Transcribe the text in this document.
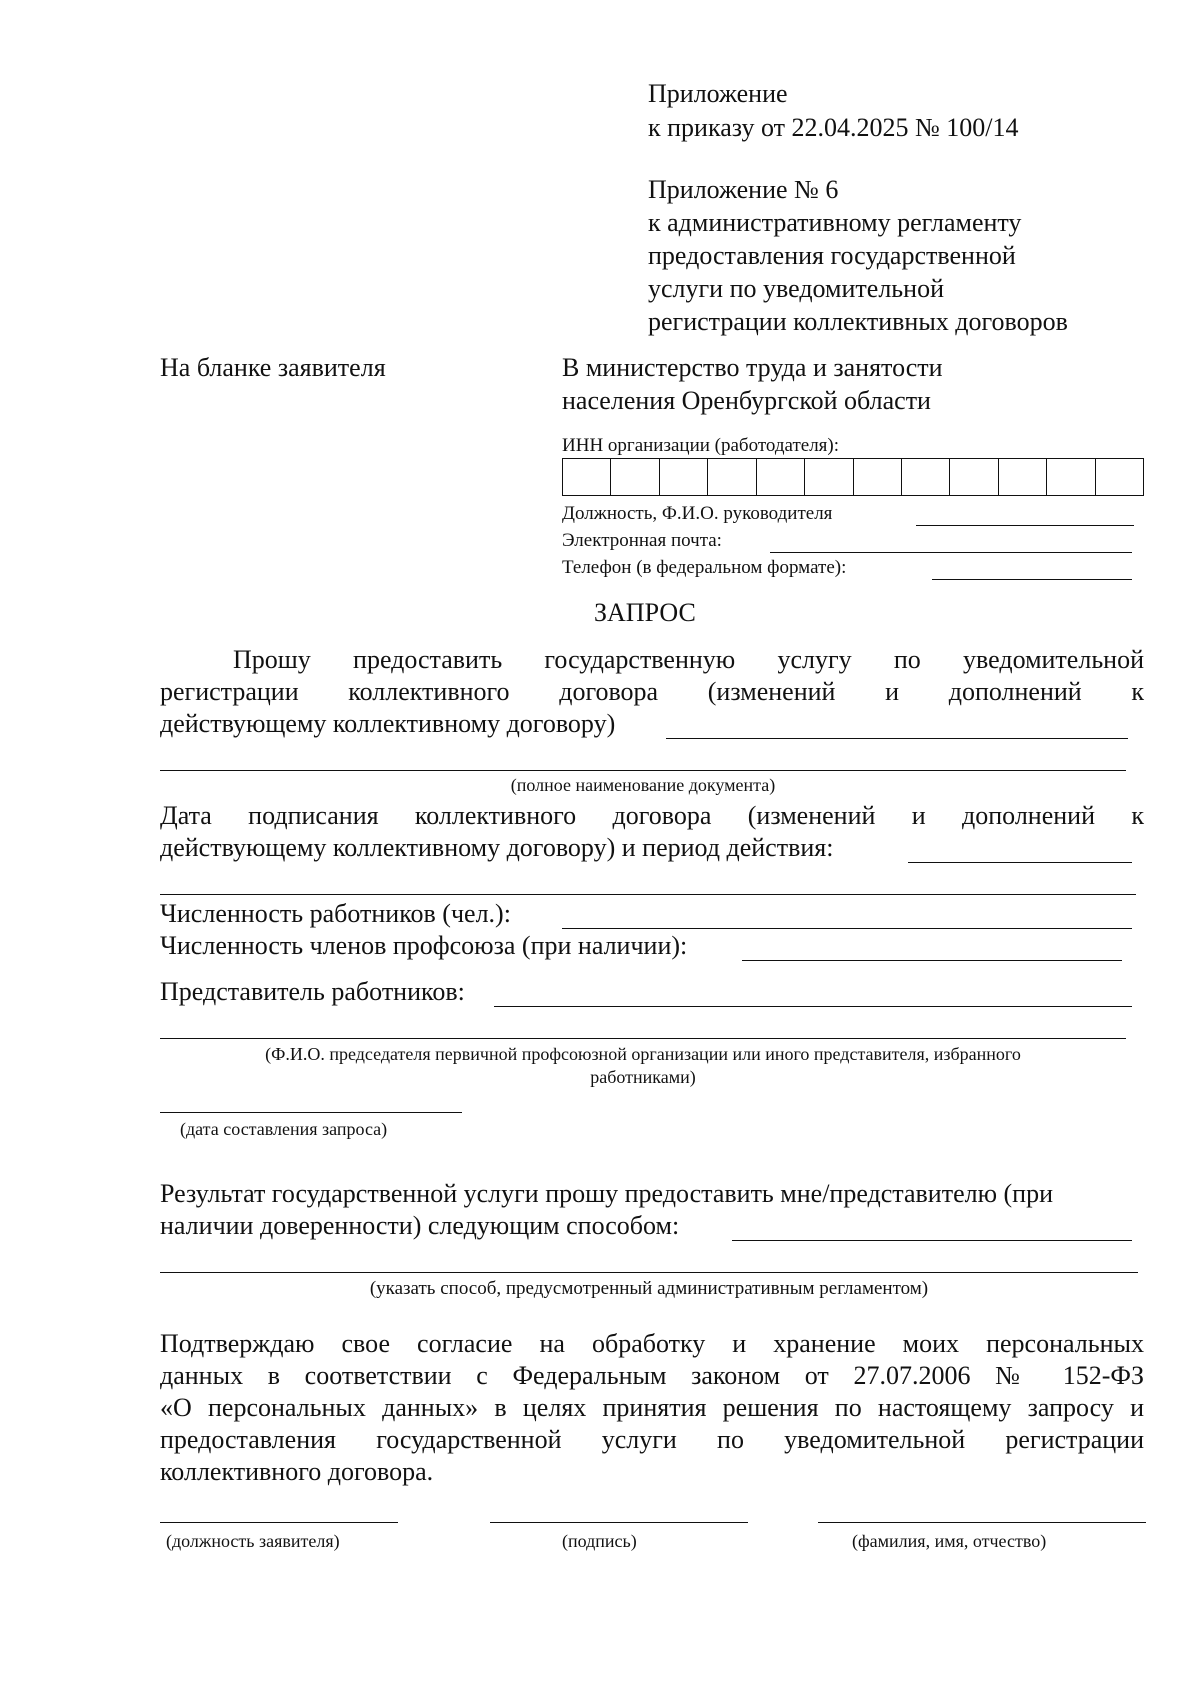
Приложение
к приказу от 22.04.2025 № 100/14
Приложение № 6
к административному регламенту
предоставления государственной
услуги по уведомительной
регистрации коллективных договоров
На бланке заявителя	В министерство труда и занятости
населения Оренбургской области
ИНН организации (работодателя):
Должность, Ф.И.О. руководителя
Электронная почта:
Телефон (в федеральном формате):
ЗАПРОС
Прошу предоставить государственную услугу по уведомительной
регистрации коллективного договора (изменений и дополнений к
действующему коллективному договору)
(полное наименование документа)
Дата подписания коллективного договора (изменений и дополнений к
действующему коллективному договору) и период действия:
Численность работников (чел.):
Численность членов профсоюза (при наличии):
Представитель работников:
(Ф.И.О. председателя первичной профсоюзной организации или иного представителя, избранного
работниками)
(дата составления запроса)
Результат государственной услуги прошу предоставить мне/представителю (при
наличии доверенности) следующим способом:
(указать способ, предусмотренный административным регламентом)
Подтверждаю свое согласие на обработку и хранение моих персональных
данных в соответствии с Федеральным законом от 27.07.2006 № 152-ФЗ
«О персональных данных» в целях принятия решения по настоящему запросу и
предоставления государственной услуги по уведомительной регистрации
коллективного договора.
(должность заявителя)	(подпись)	(фамилия, имя, отчество)
